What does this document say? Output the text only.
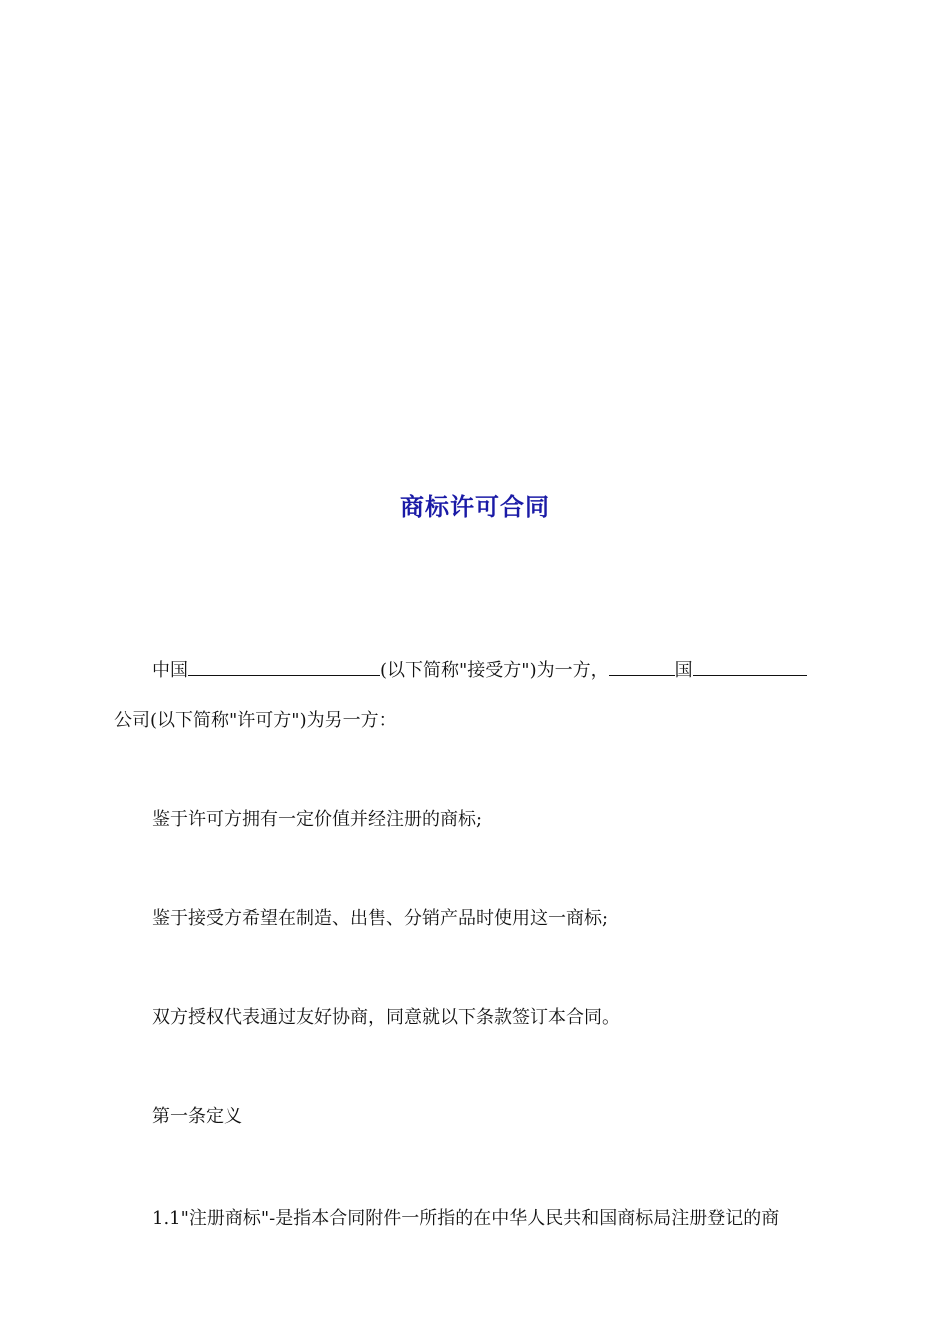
商标许可合同
中国	(以下简称"接受方")为一方，	国
公司(以下简称"许可方")为另一方：
鉴于许可方拥有一定价值并经注册的商标;
鉴于接受方希望在制造、出售、分销产品时使用这一商标;
双方授权代表通过友好协商，同意就以下条款签订本合同。
第一条定义
1.1"注册商标"-是指本合同附件一所指的在中华人民共和国商标局注册登记的商
